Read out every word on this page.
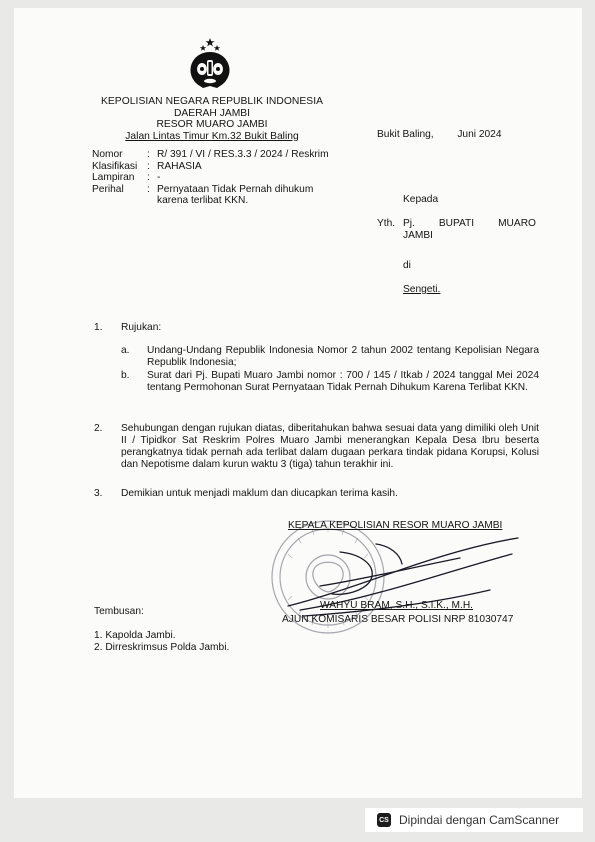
KEPOLISIAN NEGARA REPUBLIK INDONESIA
DAERAH JAMBI
RESOR MUARO JAMBI
Jalan Lintas Timur Km.32 Bukit Baling	Bukit Baling, Juni 2024
Nomor	: R/ 391 / VI / RES.3.3 / 2024 / Reskrim
Klasifikasi : RAHASIA
Lampiran	: -
Perihal	: Pernyataan Tidak Pernah dihukum
karena terlibat KKN.	Kepada
Yth. Pj. BUPATI MUARO
JAMBI
di
Sengeti.
1. Rujukan:
a. Undang-Undang Republik Indonesia Nomor 2 tahun 2002 tentang Kepolisian Negara Republik Indonesia;
b. Surat dari Pj. Bupati Muaro Jambi nomor : 700 / 145 / Itkab / 2024 tanggal Mei 2024 tentang Permohonan Surat Pernyataan Tidak Pernah Dihukum Karena Terlibat KKN.
2. Sehubungan dengan rujukan diatas, diberitahukan bahwa sesuai data yang dimiliki oleh Unit II / Tipidkor Sat Reskrim Polres Muaro Jambi menerangkan Kepala Desa Ibru beserta perangkatnya tidak pernah ada terlibat dalam dugaan perkara tindak pidana Korupsi, Kolusi dan Nepotisme dalam kurun waktu 3 (tiga) tahun terakhir ini.
3. Demikian untuk menjadi maklum dan diucapkan terima kasih.
KEPALA KEPOLISIAN RESOR MUARO JAMBI
WAHYU BRAM, S.H., S.I.K., M.H.
AJUN KOMISARIS BESAR POLISI NRP 81030747
Tembusan:
1. Kapolda Jambi.
2. Dirreskrimsus Polda Jambi.
CS Dipindai dengan CamScanner
